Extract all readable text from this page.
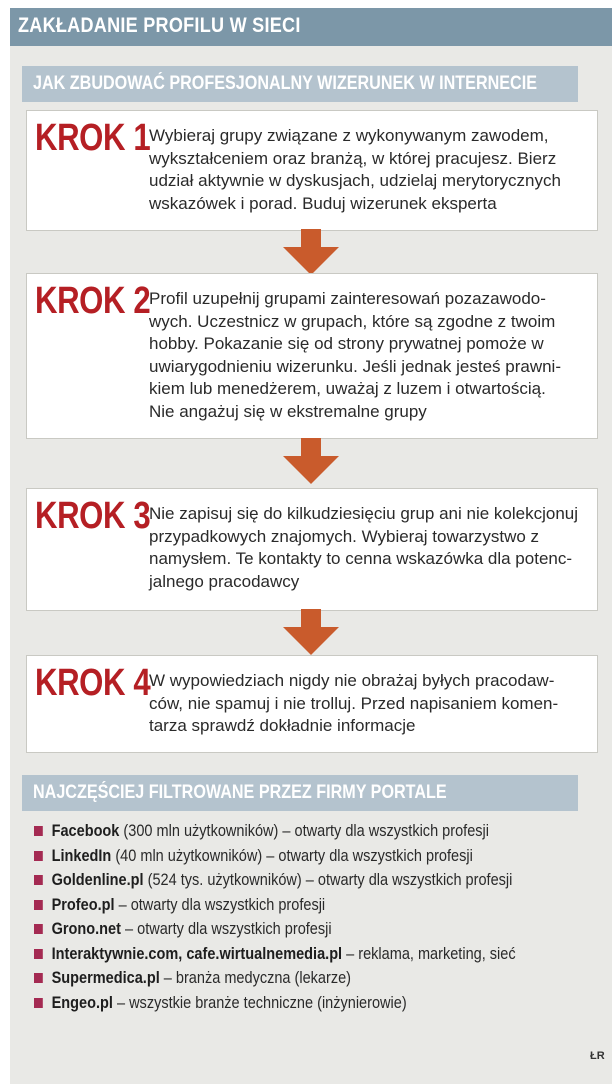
ZAKŁADANIE PROFILU W SIECI
JAK ZBUDOWAĆ PROFESJONALNY WIZERUNEK W INTERNECIE
KROK 1
Wybieraj grupy związane z wykonywanym zawodem,
wykształceniem oraz branżą, w której pracujesz. Bierz
udział aktywnie w dyskusjach, udzielaj merytorycznych
wskazówek i porad. Buduj wizerunek eksperta
KROK 2
Profil uzupełnij grupami zainteresowań pozazawodo-
wych. Uczestnicz w grupach, które są zgodne z twoim
hobby. Pokazanie się od strony prywatnej pomoże w
uwiarygodnieniu wizerunku. Jeśli jednak jesteś prawni-
kiem lub menedżerem, uważaj z luzem i otwartością.
Nie angażuj się w ekstremalne grupy
KROK 3
Nie zapisuj się do kilkudziesięciu grup ani nie kolekcjonuj
przypadkowych znajomych. Wybieraj towarzystwo z
namysłem. Te kontakty to cenna wskazówka dla potenc-
jalnego pracodawcy
KROK 4
W wypowiedziach nigdy nie obrażaj byłych pracodaw-
ców, nie spamuj i nie trolluj. Przed napisaniem komen-
tarza sprawdź dokładnie informacje
NAJCZĘŚCIEJ FILTROWANE PRZEZ FIRMY PORTALE
Facebook (300 mln użytkowników) – otwarty dla wszystkich profesji
LinkedIn (40 mln użytkowników) – otwarty dla wszystkich profesji
Goldenline.pl (524 tys. użytkowników) – otwarty dla wszystkich profesji
Profeo.pl – otwarty dla wszystkich profesji
Grono.net – otwarty dla wszystkich profesji
Interaktywnie.com, cafe.wirtualnemedia.pl – reklama, marketing, sieć
Supermedica.pl – branża medyczna (lekarze)
Engeo.pl – wszystkie branże techniczne (inżynierowie)
ŁR
